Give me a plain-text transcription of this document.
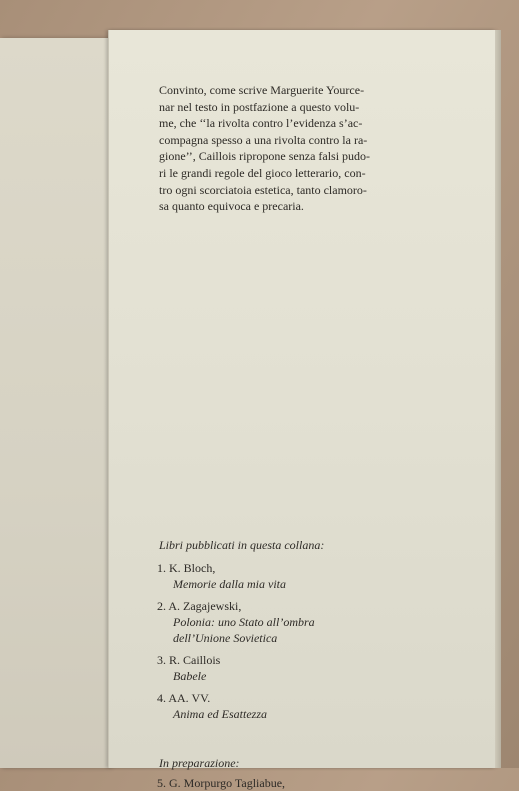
Convinto, come scrive Marguerite Yource-
nar nel testo in postfazione a questo volu-
me, che ‘‘la rivolta contro l’evidenza s’ac-
compagna spesso a una rivolta contro la ra-
gione’’, Caillois ripropone senza falsi pudo-
ri le grandi regole del gioco letterario, con-
tro ogni scorciatoia estetica, tanto clamoro-
sa quanto equivoca e precaria.

Libri pubblicati in questa collana:

1. K. Bloch,
Memorie dalla mia vita
2. A. Zagajewski,
Polonia: uno Stato all’ombra
dell’Unione Sovietica
3. R. Caillois
Babele
4. AA. VV.
Anima ed Esattezza

In preparazione:

5. G. Morpurgo Tagliabue,
